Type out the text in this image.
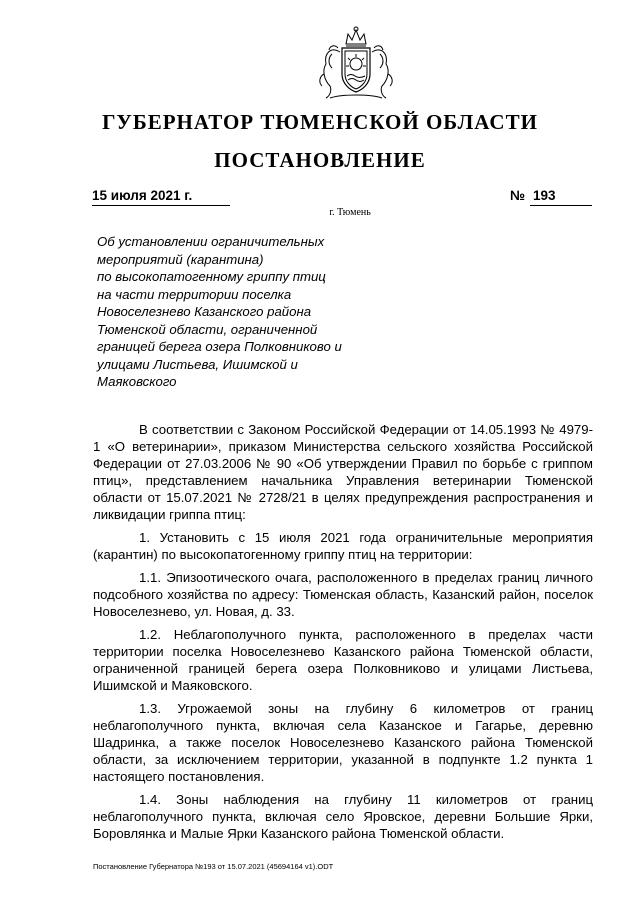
ГУБЕРНАТОР ТЮМЕНСКОЙ ОБЛАСТИ
ПОСТАНОВЛЕНИЕ
15 июля 2021 г.	№ 193
г. Тюмень
Об установлении ограничительных
мероприятий (карантина)
по высокопатогенному гриппу птиц
на части территории поселка
Новоселезнево Казанского района
Тюменской области, ограниченной
границей берега озера Полковниково и
улицами Листьева, Ишимской и
Маяковского

В соответствии с Законом Российской Федерации от 14.05.1993 № 4979-1 «О ветеринарии», приказом Министерства сельского хозяйства Российской Федерации от 27.03.2006 № 90 «Об утверждении Правил по борьбе с гриппом птиц», представлением начальника Управления ветеринарии Тюменской области от 15.07.2021 № 2728/21 в целях предупреждения распространения и ликвидации гриппа птиц:

1. Установить с 15 июля 2021 года ограничительные мероприятия (карантин) по высокопатогенному гриппу птиц на территории:

1.1. Эпизоотического очага, расположенного в пределах границ личного подсобного хозяйства по адресу: Тюменская область, Казанский район, поселок Новоселезнево, ул. Новая, д. 33.

1.2. Неблагополучного пункта, расположенного в пределах части территории поселка Новоселезнево Казанского района Тюменской области, ограниченной границей берега озера Полковниково и улицами Листьева, Ишимской и Маяковского.

1.3. Угрожаемой зоны на глубину 6 километров от границ неблагополучного пункта, включая села Казанское и Гагарье, деревню Шадринка, а также поселок Новоселезнево Казанского района Тюменской области, за исключением территории, указанной в подпункте 1.2 пункта 1 настоящего постановления.

1.4. Зоны наблюдения на глубину 11 километров от границ неблагополучного пункта, включая село Яровское, деревни Большие Ярки, Боровлянка и Малые Ярки Казанского района Тюменской области.

Постановление Губернатора №193 от 15.07.2021 (45694164 v1).ODT
